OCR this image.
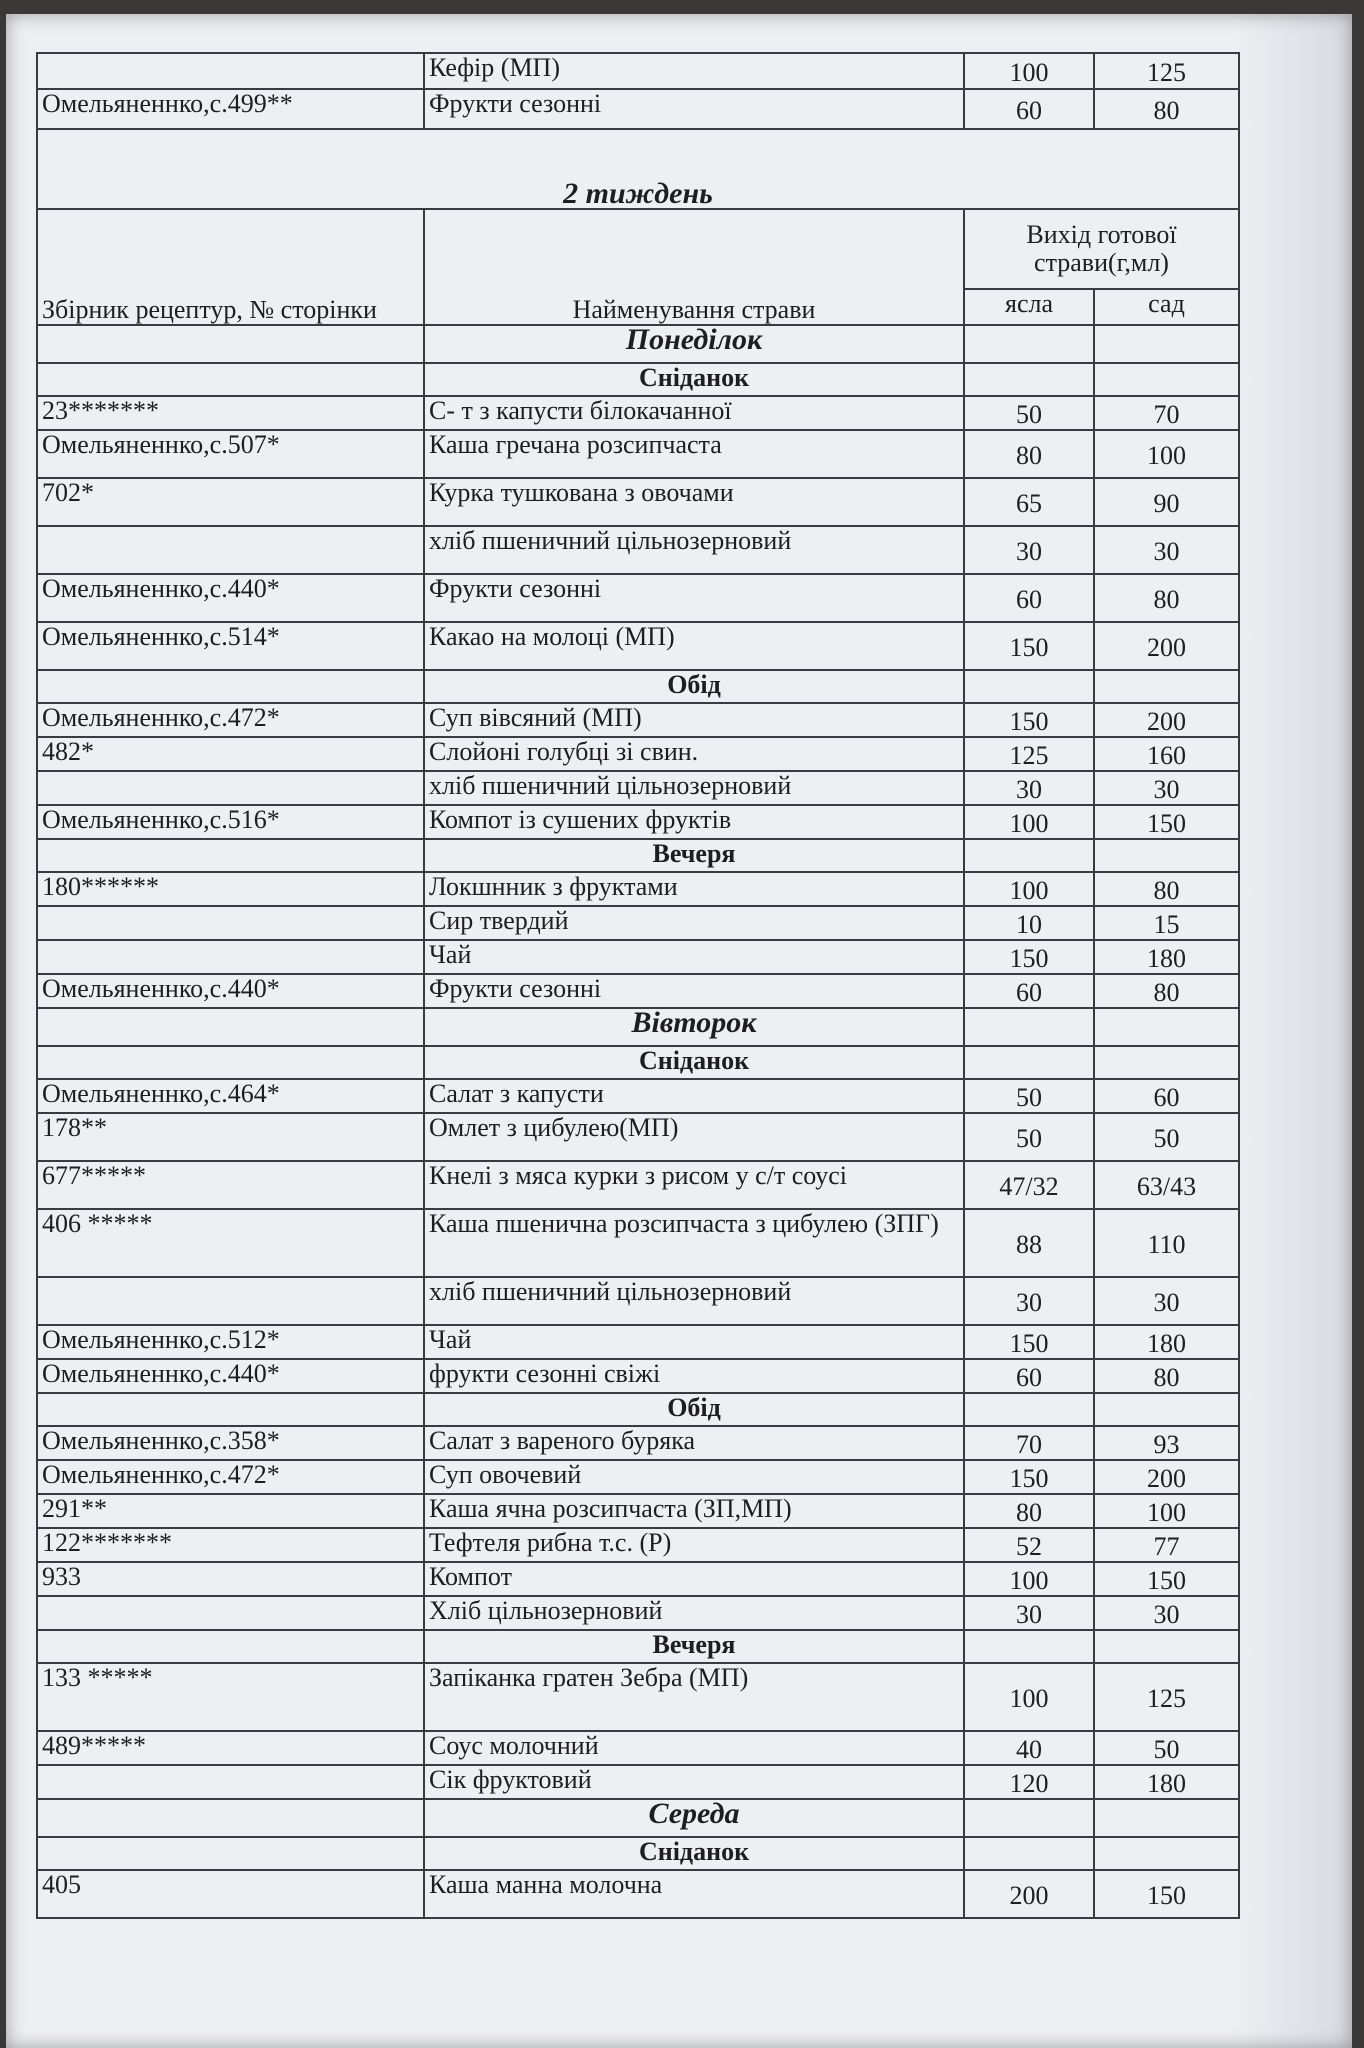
	Кефір (МП)	100	125
Омельяненнко,с.499**	Фрукти сезонні	60	80
2 тиждень			
Збірник рецептур, № сторінки	Найменування страви	Вихід готової страви(г,мл)	
		ясла	сад
	Понеділок		
	Сніданок		
23*******	С- т з капусти білокачанної	50	70
Омельяненнко,с.507*	Каша гречана розсипчаста	80	100
702*	Курка тушкована з овочами	65	90
	хліб пшеничний цільнозерновий	30	30
Омельяненнко,с.440*	Фрукти сезонні	60	80
Омельяненнко,с.514*	Какао на молоці (МП)	150	200
	Обід		
Омельяненнко,с.472*	Суп вівсяний (МП)	150	200
482*	Слойоні голубці зі свин.	125	160
	хліб пшеничний цільнозерновий	30	30
Омельяненнко,с.516*	Компот із сушених фруктів	100	150
	Вечеря		
180******	Локшнник з фруктами	100	80
	Сир твердий	10	15
	Чай	150	180
Омельяненнко,с.440*	Фрукти сезонні	60	80
	Вівторок		
	Сніданок		
Омельяненнко,с.464*	Салат з капусти	50	60
178**	Омлет з цибулею(МП)	50	50
677*****	Кнелі з мяса курки з рисом у с/т соусі	47/32	63/43
406 *****	Каша пшенична розсипчаста з цибулею (ЗПГ)	88	110
	хліб пшеничний цільнозерновий	30	30
Омельяненнко,с.512*	Чай	150	180
Омельяненнко,с.440*	фрукти сезонні свіжі	60	80
	Обід		
Омельяненнко,с.358*	Салат з вареного буряка	70	93
Омельяненнко,с.472*	Суп овочевий	150	200
291**	Каша ячна розсипчаста (ЗП,МП)	80	100
122*******	Тефтеля рибна т.с. (Р)	52	77
933	Компот	100	150
	Хліб цільнозерновий	30	30
	Вечеря		
133 *****	Запіканка гратен Зебра (МП)	100	125
489*****	Соус молочний	40	50
	Сік фруктовий	120	180
	Середа		
	Сніданок		
405	Каша манна молочна	200	150
